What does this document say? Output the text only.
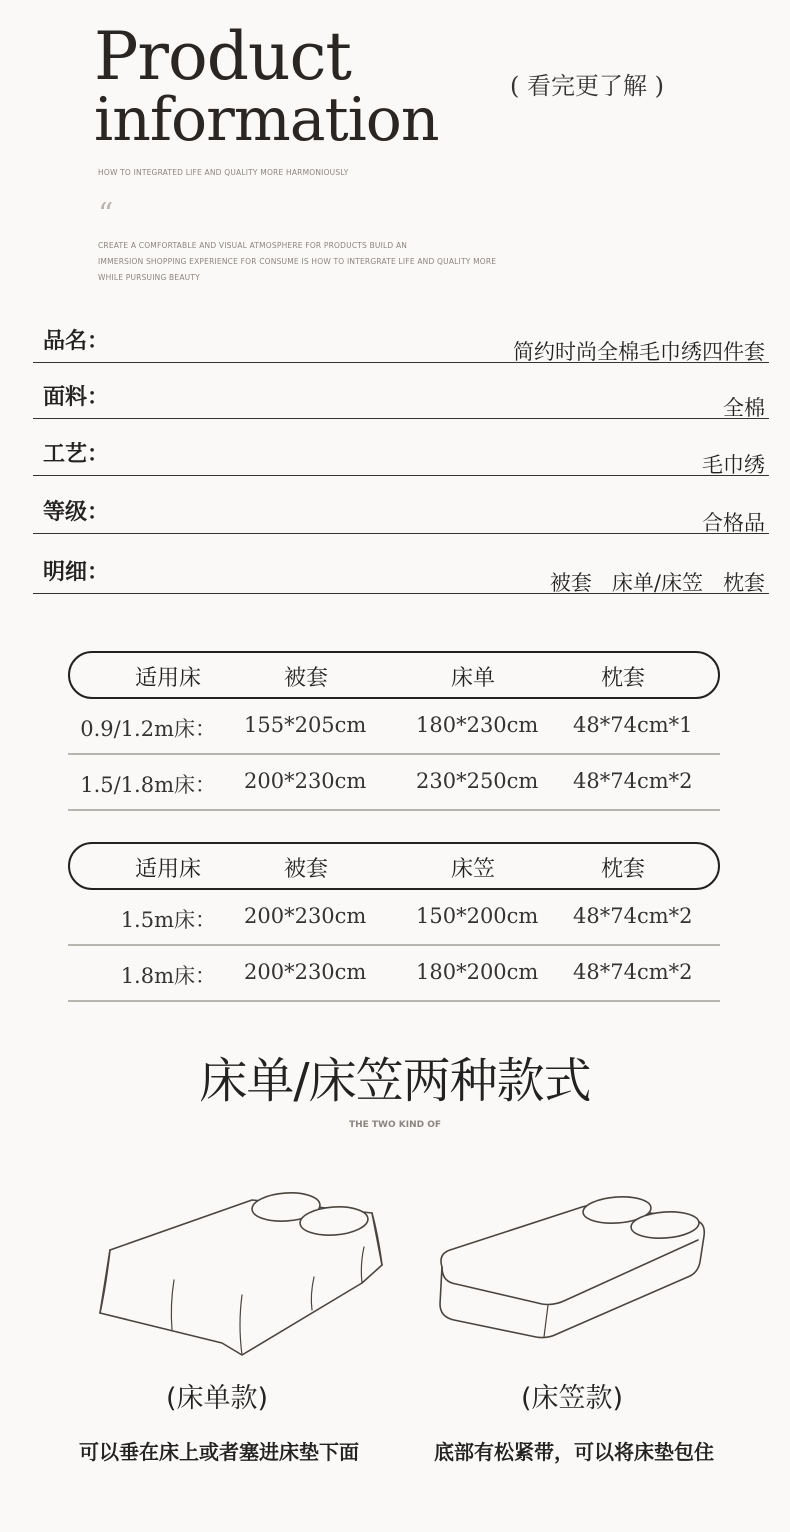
Product
information	( 看完更了解 )
HOW TO INTEGRATED LIFE AND QUALITY MORE HARMONIOUSLY
“
CREATE A COMFORTABLE AND VISUAL ATMOSPHERE FOR PRODUCTS BUILD AN
IMMERSION SHOPPING EXPERIENCE FOR CONSUME IS HOW TO INTERGRATE LIFE AND QUALITY MORE
WHILE PURSUING BEAUTY
品名：	简约时尚全棉毛巾绣四件套
面料：	全棉
工艺：	毛巾绣
等级：	合格品
明细：	被套   床单/床笠   枕套
适用床	被套	床单	枕套
0.9/1.2m床： 155*205cm 180*230cm 48*74cm*1
1.5/1.8m床： 200*230cm 230*250cm 48*74cm*2
适用床	被套	床笠	枕套
1.5m床： 200*230cm 150*200cm 48*74cm*2
1.8m床： 200*230cm 180*200cm 48*74cm*2
床单/床笠两种款式
THE TWO KIND OF
(床单款)	(床笠款)
可以垂在床上或者塞进床垫下面	底部有松紧带，可以将床垫包住
